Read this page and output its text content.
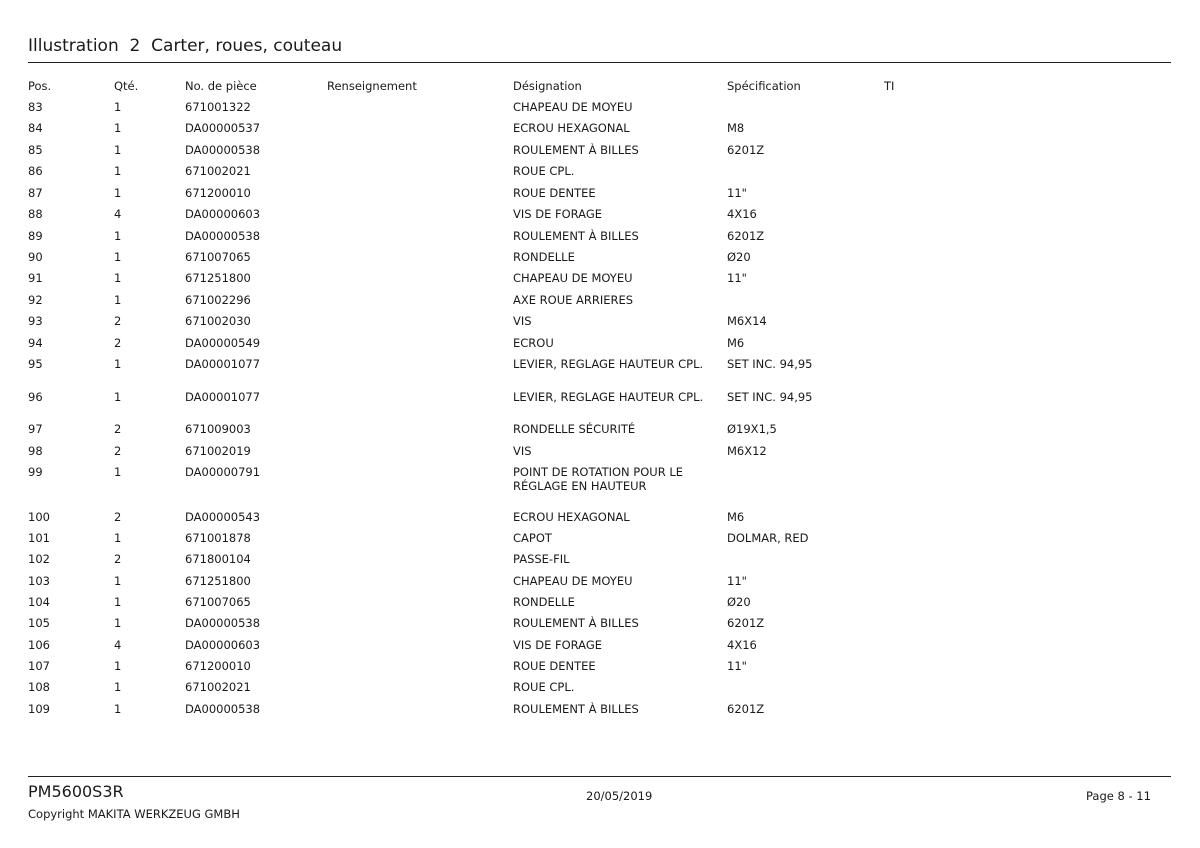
Illustration  2  Carter, roues, couteau
Pos.	Qté.	No. de pièce	Renseignement	Désignation	Spécification	TI
83	1	671001322	CHAPEAU DE MOYEU
84	1	DA00000537	ECROU HEXAGONAL	M8
85	1	DA00000538	ROULEMENT À BILLES	6201Z
86	1	671002021	ROUE CPL.
87	1	671200010	ROUE DENTEE	11"
88	4	DA00000603	VIS DE FORAGE	4X16
89	1	DA00000538	ROULEMENT À BILLES	6201Z
90	1	671007065	RONDELLE	Ø20
91	1	671251800	CHAPEAU DE MOYEU	11"
92	1	671002296	AXE ROUE ARRIERES
93	2	671002030	VIS	M6X14
94	2	DA00000549	ECROU	M6
95	1	DA00001077	LEVIER, REGLAGE HAUTEUR CPL.	SET INC. 94,95
96	1	DA00001077	LEVIER, REGLAGE HAUTEUR CPL.	SET INC. 94,95
97	2	671009003	RONDELLE SÉCURITÉ	Ø19X1,5
98	2	671002019	VIS	M6X12
99	1	DA00000791	POINT DE ROTATION POUR LE RÉGLAGE EN HAUTEUR
100	2	DA00000543	ECROU HEXAGONAL	M6
101	1	671001878	CAPOT	DOLMAR, RED
102	2	671800104	PASSE-FIL
103	1	671251800	CHAPEAU DE MOYEU	11"
104	1	671007065	RONDELLE	Ø20
105	1	DA00000538	ROULEMENT À BILLES	6201Z
106	4	DA00000603	VIS DE FORAGE	4X16
107	1	671200010	ROUE DENTEE	11"
108	1	671002021	ROUE CPL.
109	1	DA00000538	ROULEMENT À BILLES	6201Z
PM5600S3R
Copyright MAKITA WERKZEUG GMBH
20/05/2019	Page 8 - 11
